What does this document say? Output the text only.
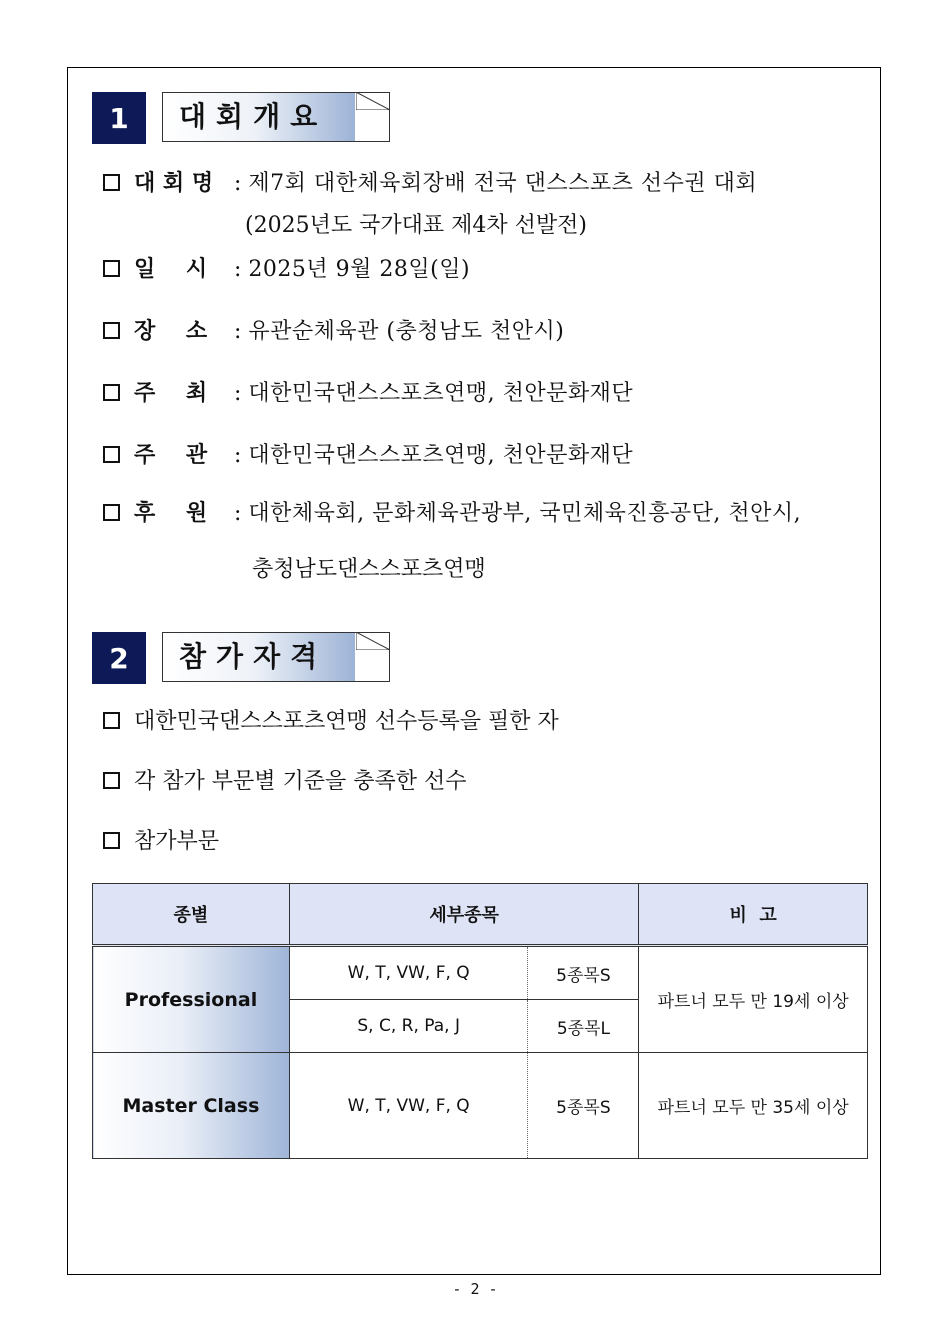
1	대회개요
대 회 명 : 제7회 대한체육회장배 전국 댄스스포츠 선수권 대회
(2025년도 국가대표 제4차 선발전)
일    시 : 2025년 9월 28일(일)
장    소 : 유관순체육관 (충청남도 천안시)
주    최 : 대한민국댄스스포츠연맹, 천안문화재단
주    관 : 대한민국댄스스포츠연맹, 천안문화재단
후    원 : 대한체육회, 문화체육관광부, 국민체육진흥공단, 천안시,
충청남도댄스스포츠연맹
2	참가자격
대한민국댄스스포츠연맹 선수등록을 필한 자
각 참가 부문별 기준을 충족한 선수
참가부문
종별	세부종목		비  고
Professional	W, T, VW, F, Q	5종목S	파트너 모두 만 19세 이상
	S, C, R, Pa, J	5종목L	
Master Class	W, T, VW, F, Q	5종목S	파트너 모두 만 35세 이상
- 2 -
